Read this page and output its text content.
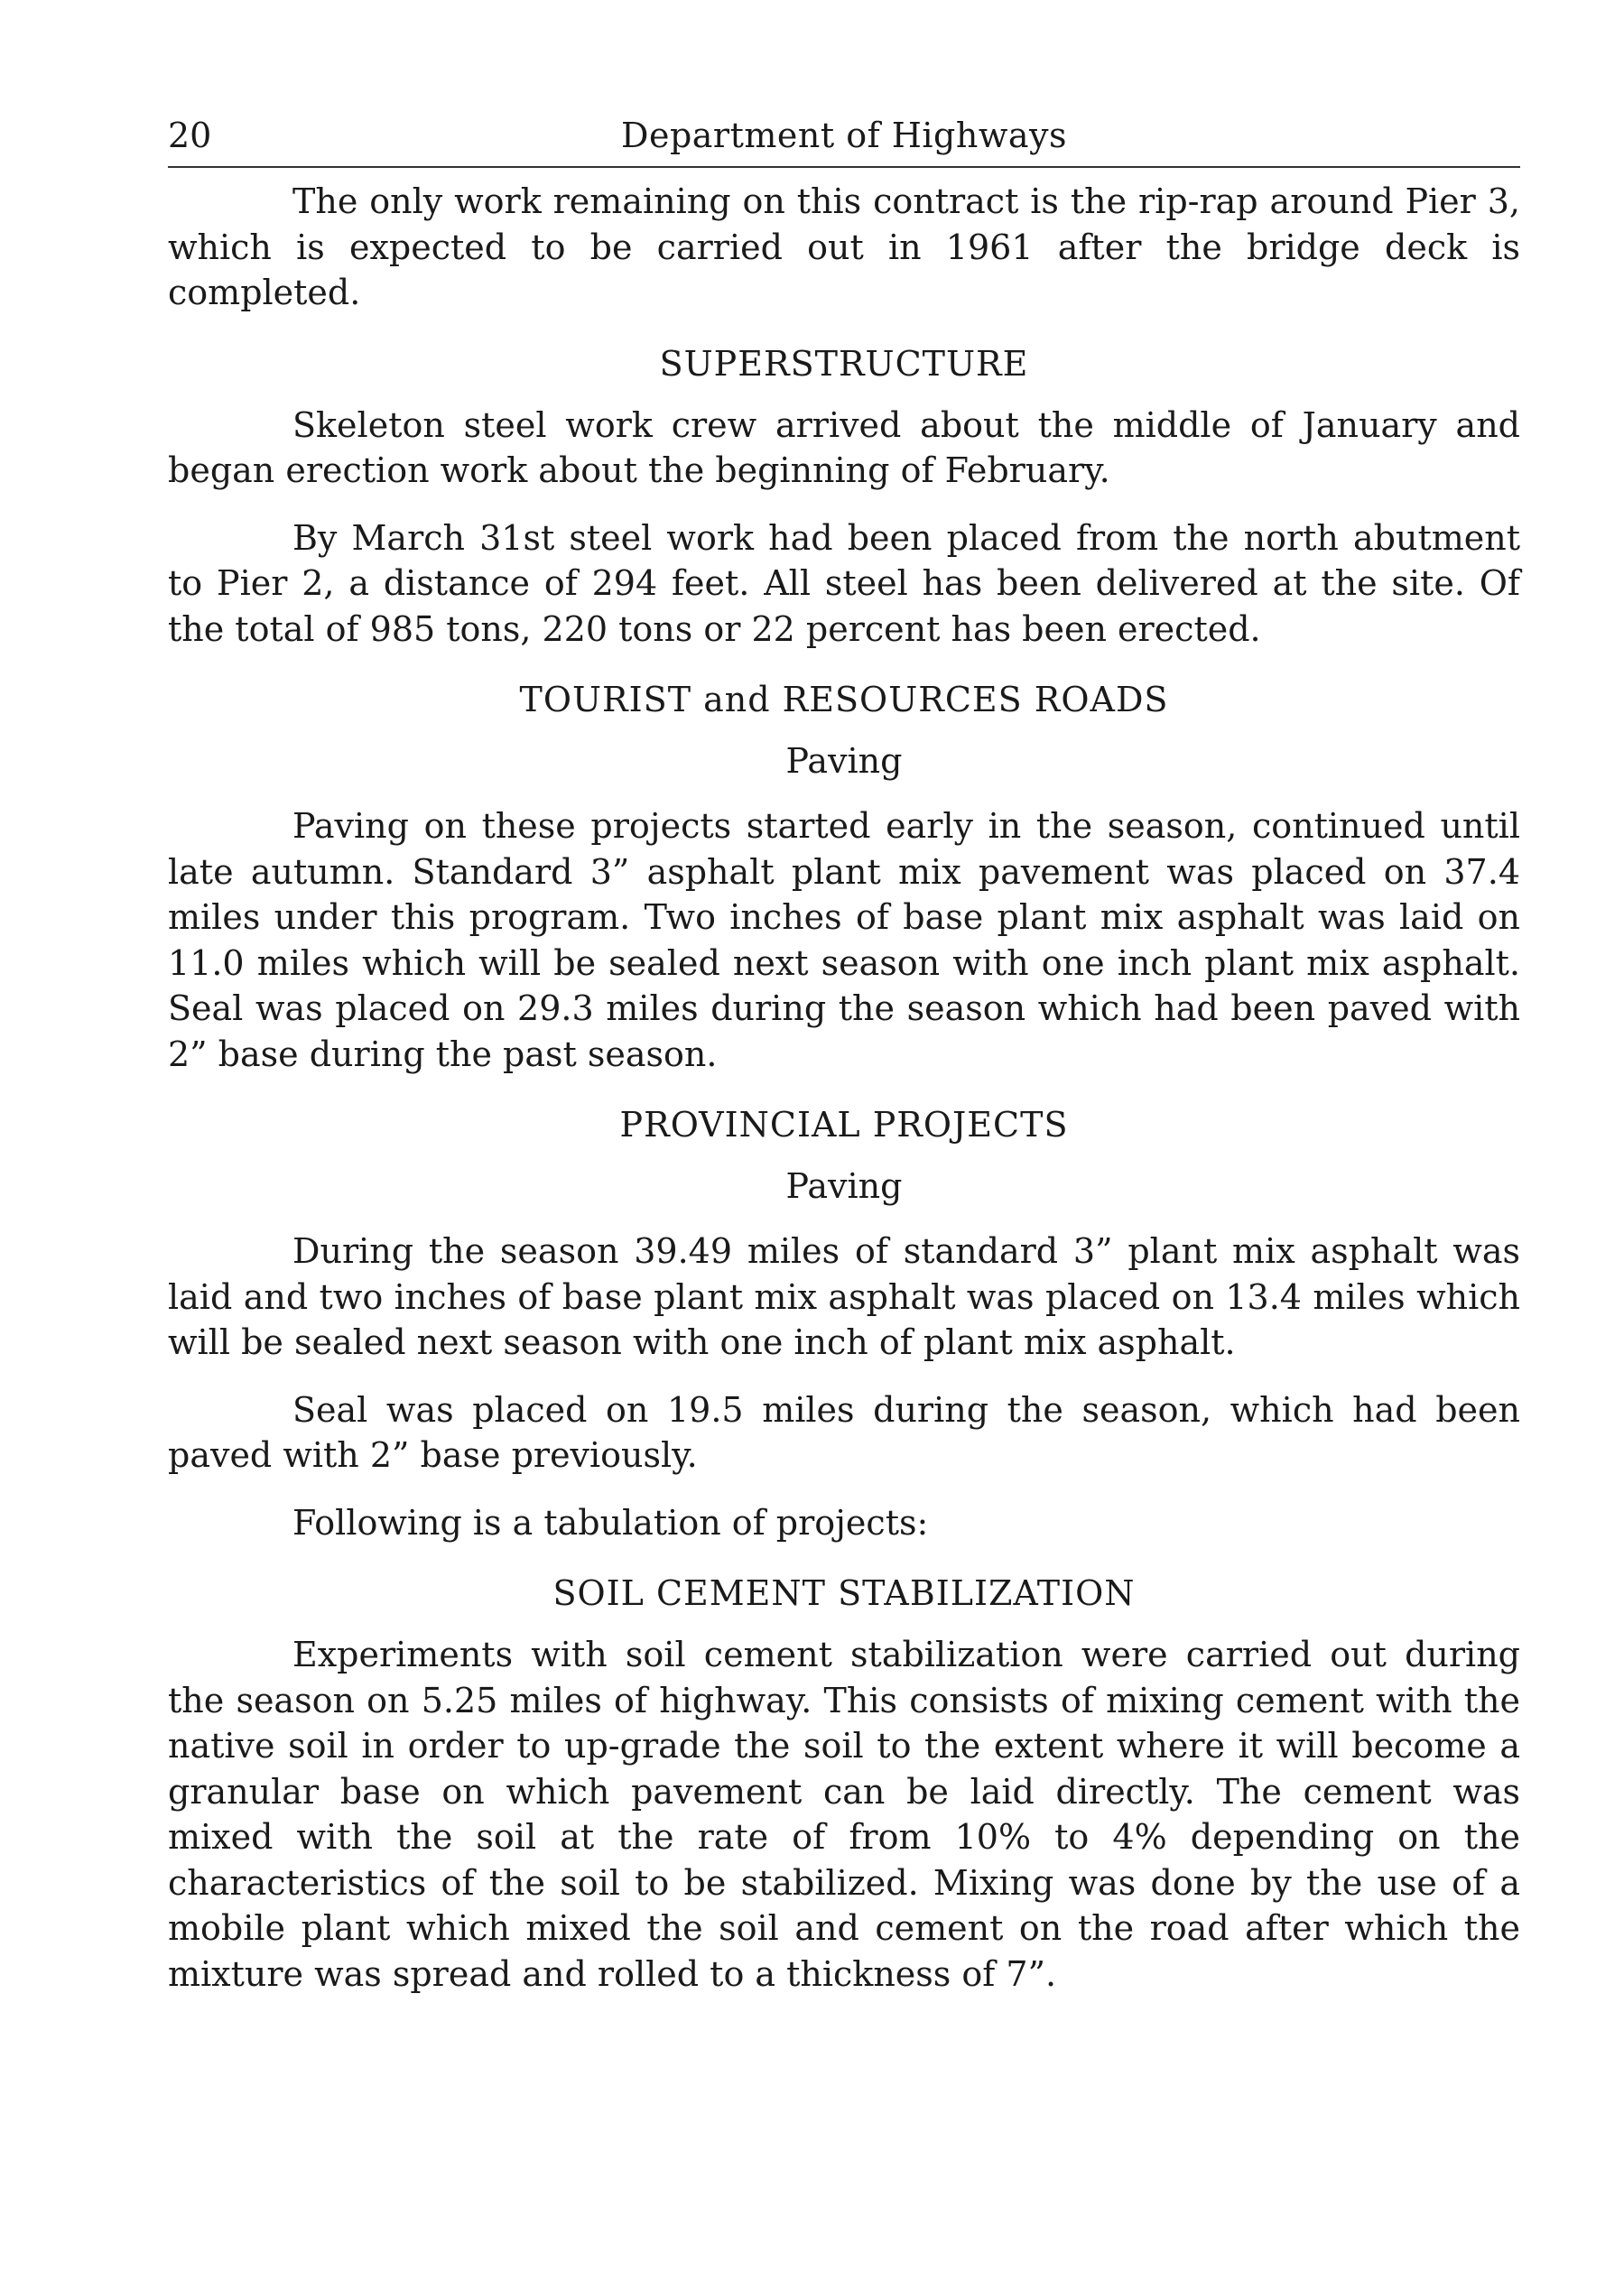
20	Department of Highways

The only work remaining on this contract is the rip-rap around Pier 3, which is expected to be carried out in 1961 after the bridge deck is completed.

SUPERSTRUCTURE

Skeleton steel work crew arrived about the middle of January and began erection work about the beginning of February.

By March 31st steel work had been placed from the north abutment to Pier 2, a distance of 294 feet. All steel has been delivered at the site. Of the total of 985 tons, 220 tons or 22 percent has been erected.

TOURIST and RESOURCES ROADS
Paving

Paving on these projects started early in the season, continued until late autumn. Standard 3” asphalt plant mix pavement was placed on 37.4 miles under this program. Two inches of base plant mix asphalt was laid on 11.0 miles which will be sealed next season with one inch plant mix asphalt. Seal was placed on 29.3 miles during the season which had been paved with 2” base during the past season.

PROVINCIAL PROJECTS
Paving

During the season 39.49 miles of standard 3” plant mix asphalt was laid and two inches of base plant mix asphalt was placed on 13.4 miles which will be sealed next season with one inch of plant mix asphalt.

Seal was placed on 19.5 miles during the season, which had been paved with 2” base previously.

Following is a tabulation of projects:

SOIL CEMENT STABILIZATION

Experiments with soil cement stabilization were carried out during the season on 5.25 miles of highway. This consists of mixing cement with the native soil in order to up-grade the soil to the extent where it will become a granular base on which pavement can be laid directly. The cement was mixed with the soil at the rate of from 10% to 4% depending on the characteristics of the soil to be stabilized. Mixing was done by the use of a mobile plant which mixed the soil and cement on the road after which the mixture was spread and rolled to a thickness of 7”.
